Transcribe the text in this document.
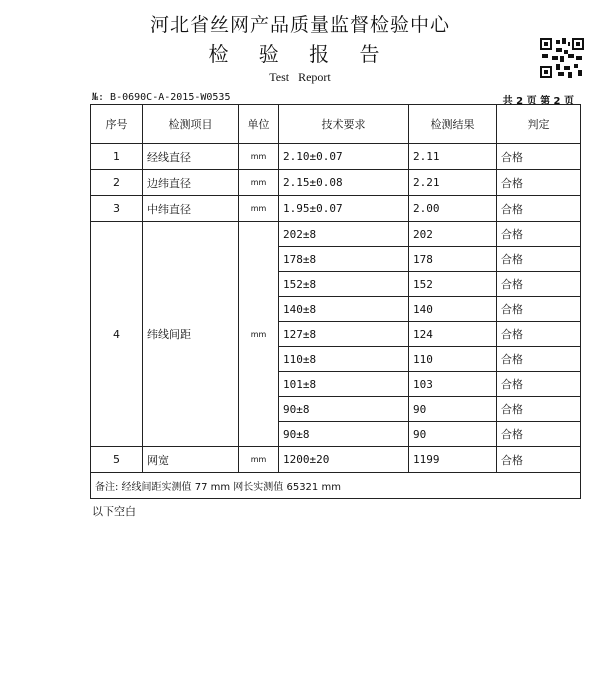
河北省丝网产品质量监督检验中心
检 验 报 告
Test Report
№: B-0690C-A-2015-W0535	共 2 页 第 2 页
序号	检测项目	单位	技术要求	检测结果	判定
1	经线直径	mm	2.10±0.07	2.11	合格
2	边纬直径	mm	2.15±0.08	2.21	合格
3	中纬直径	mm	1.95±0.07	2.00	合格
4	纬线间距	mm	202±8	202	合格
			178±8	178	合格
			152±8	152	合格
			140±8	140	合格
			127±8	124	合格
			110±8	110	合格
			101±8	103	合格
			90±8	90	合格
			90±8	90	合格
5	网宽	mm	1200±20	1199	合格
备注: 经线间距实测值 77 mm 网长实测值 65321 mm					
以下空白
